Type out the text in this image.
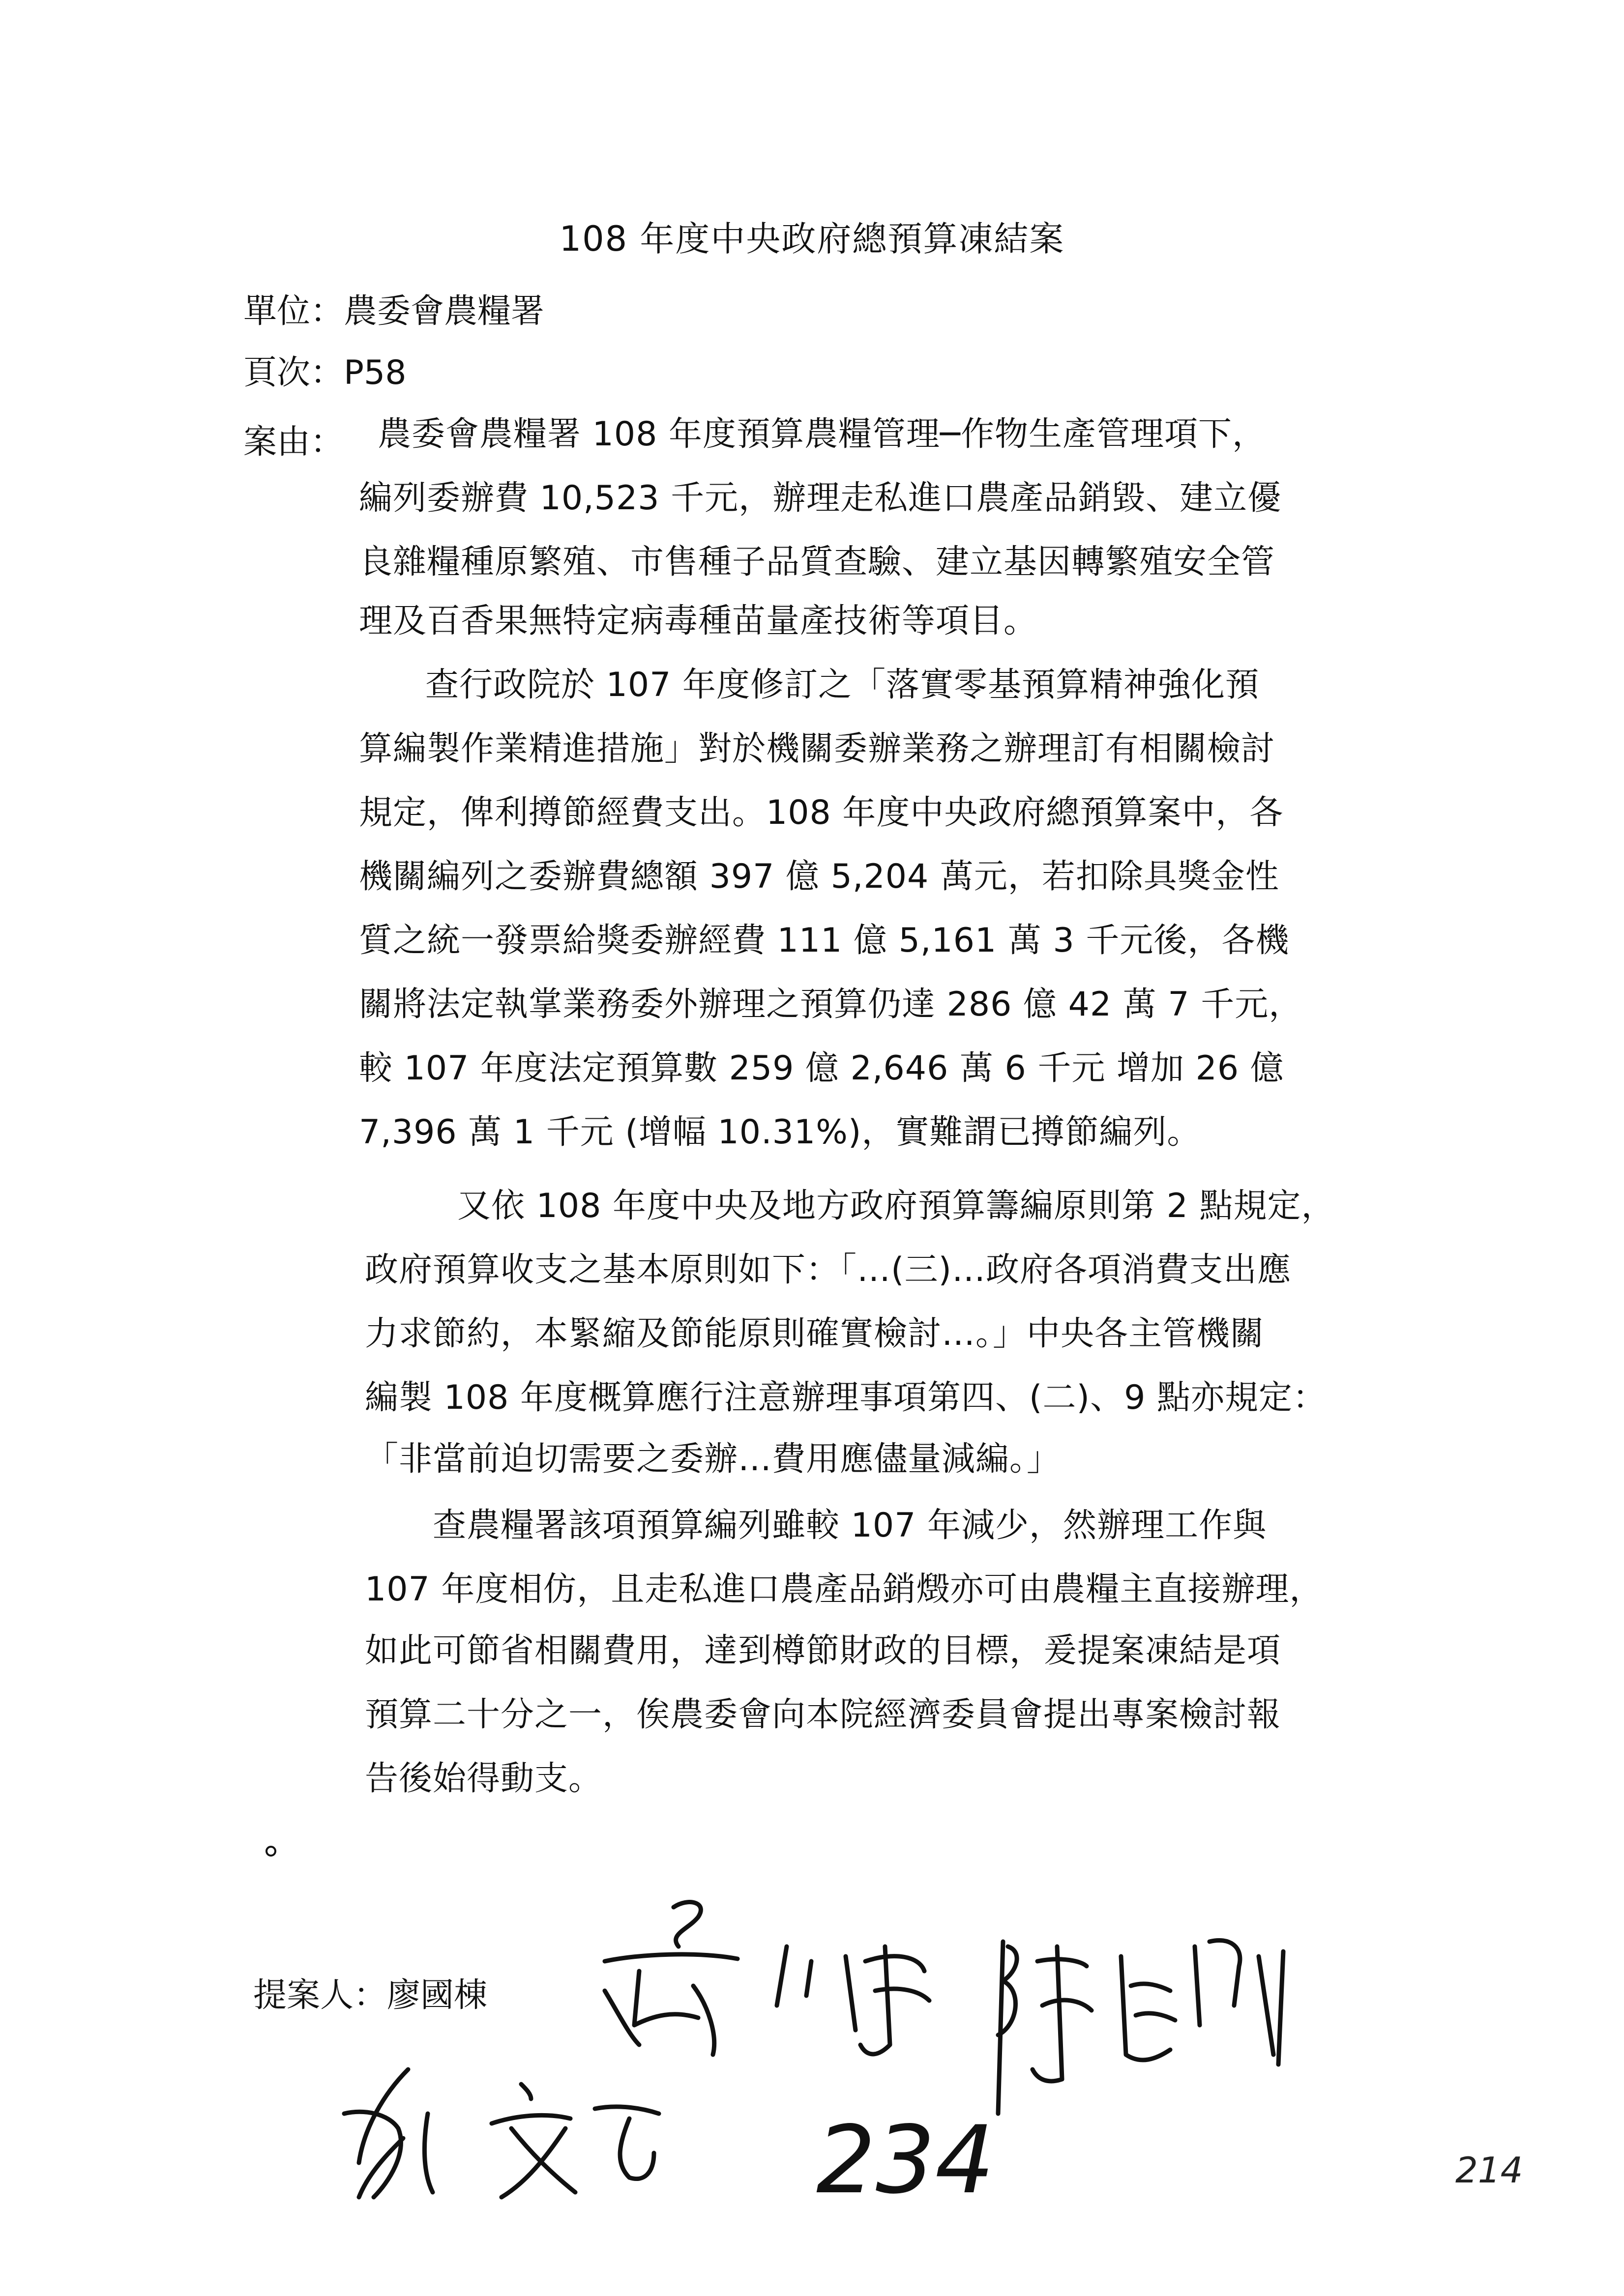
108 年度中央政府總預算凍結案
單位：農委會農糧署
頁次：P58
案由： 農委會農糧署 108 年度預算農糧管理─作物生產管理項下，
編列委辦費 10,523 千元，辦理走私進口農產品銷毀、建立優
良雜糧種原繁殖、市售種子品質查驗、建立基因轉繁殖安全管
理及百香果無特定病毒種苗量產技術等項目。
查行政院於 107 年度修訂之「落實零基預算精神強化預
算編製作業精進措施」對於機關委辦業務之辦理訂有相關檢討
規定，俾利撙節經費支出。108 年度中央政府總預算案中，各
機關編列之委辦費總額 397 億 5,204 萬元，若扣除具獎金性
質之統一發票給獎委辦經費 111 億 5,161 萬 3 千元後，各機
關將法定執掌業務委外辦理之預算仍達 286 億 42 萬 7 千元，
較 107 年度法定預算數 259 億 2,646 萬 6 千元 增加 26 億
7,396 萬 1 千元 (增幅 10.31%)，實難謂已撙節編列。
又依 108 年度中央及地方政府預算籌編原則第 2 點規定，
政府預算收支之基本原則如下：「…(三)…政府各項消費支出應
力求節約，本緊縮及節能原則確實檢討…。」中央各主管機關
編製 108 年度概算應行注意辦理事項第四、(二)、9 點亦規定：
「非當前迫切需要之委辦…費用應儘量減編。」
查農糧署該項預算編列雖較 107 年減少，然辦理工作與
107 年度相仿，且走私進口農產品銷燬亦可由農糧主直接辦理，
如此可節省相關費用，達到樽節財政的目標，爰提案凍結是項
預算二十分之一，俟農委會向本院經濟委員會提出專案檢討報
告後始得動支。
提案人：廖國棟
234	214
